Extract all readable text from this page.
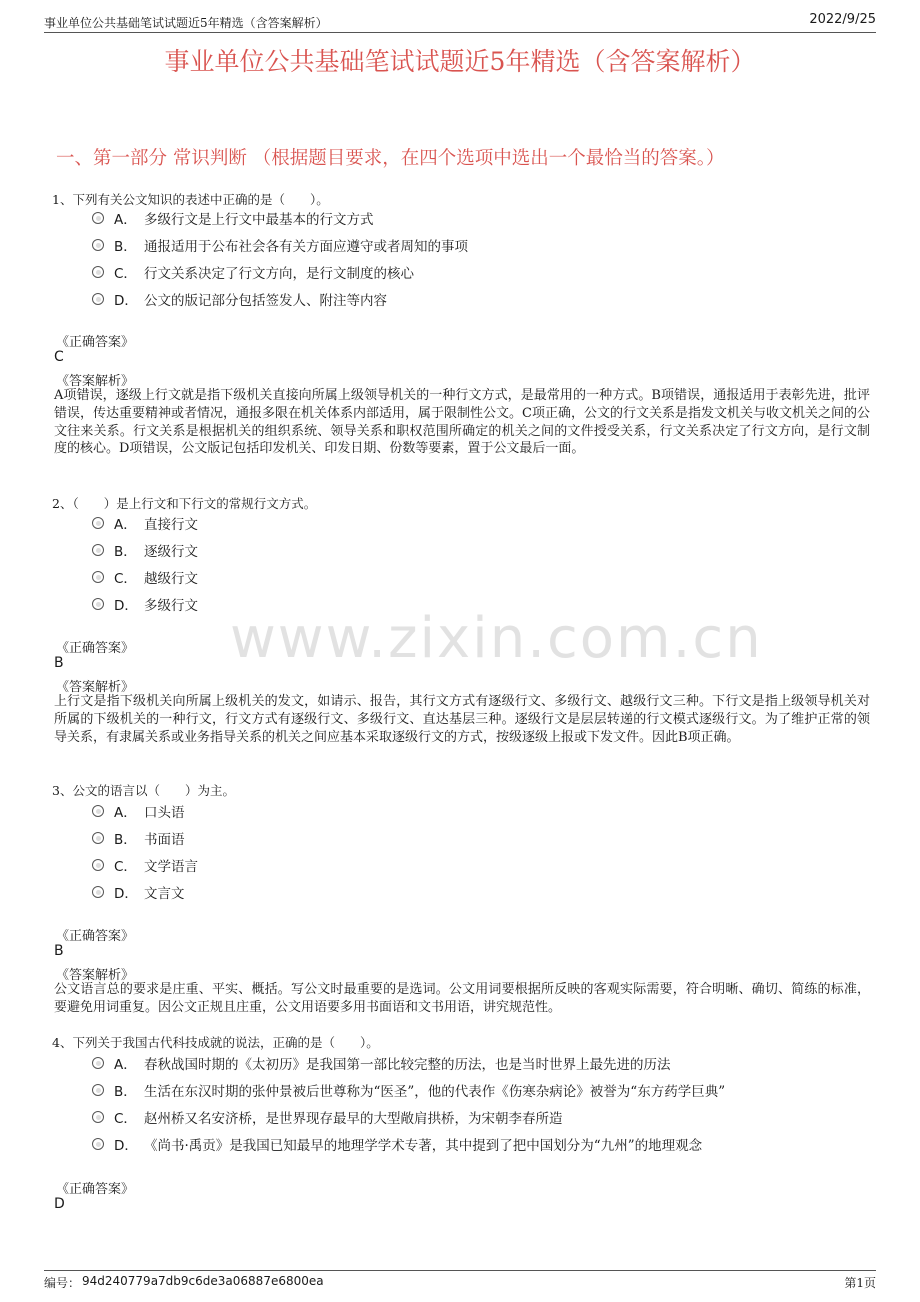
事业单位公共基础笔试试题近5年精选（含答案解析）	2022/9/25
事业单位公共基础笔试试题近5年精选（含答案解析）
一、第一部分 常识判断 （根据题目要求，在四个选项中选出一个最恰当的答案。）
www.zixin.com.cn
1、下列有关公文知识的表述中正确的是（　　）。
A． 多级行文是上行文中最基本的行文方式
B． 通报适用于公布社会各有关方面应遵守或者周知的事项
C． 行文关系决定了行文方向，是行文制度的核心
D． 公文的版记部分包括签发人、附注等内容
《正确答案》
C
《答案解析》
A项错误，逐级上行文就是指下级机关直接向所属上级领导机关的一种行文方式，是最常用的一种方式。B项错误，通报适用于表彰先进，批评错误，传达重要精神或者情况，通报多限在机关体系内部适用，属于限制性公文。C项正确，公文的行文关系是指发文机关与收文机关之间的公文往来关系。行文关系是根据机关的组织系统、领导关系和职权范围所确定的机关之间的文件授受关系，行文关系决定了行文方向，是行文制度的核心。D项错误，公文版记包括印发机关、印发日期、份数等要素，置于公文最后一面。
2、（　　）是上行文和下行文的常规行文方式。
A． 直接行文
B． 逐级行文
C． 越级行文
D． 多级行文
《正确答案》
B
《答案解析》
上行文是指下级机关向所属上级机关的发文，如请示、报告，其行文方式有逐级行文、多级行文、越级行文三种。下行文是指上级领导机关对所属的下级机关的一种行文，行文方式有逐级行文、多级行文、直达基层三种。逐级行文是层层转递的行文模式逐级行文。为了维护正常的领导关系，有隶属关系或业务指导关系的机关之间应基本采取逐级行文的方式，按级逐级上报或下发文件。因此B项正确。
3、公文的语言以（　　）为主。
A． 口头语
B． 书面语
C． 文学语言
D． 文言文
《正确答案》
B
《答案解析》
公文语言总的要求是庄重、平实、概括。写公文时最重要的是选词。公文用词要根据所反映的客观实际需要，符合明晰、确切、简练的标准，要避免用词重复。因公文正规且庄重，公文用语要多用书面语和文书用语，讲究规范性。
4、下列关于我国古代科技成就的说法，正确的是（　　）。
A． 春秋战国时期的《太初历》是我国第一部比较完整的历法，也是当时世界上最先进的历法
B． 生活在东汉时期的张仲景被后世尊称为“医圣”，他的代表作《伤寒杂病论》被誉为“东方药学巨典”
C． 赵州桥又名安济桥，是世界现存最早的大型敞肩拱桥，为宋朝李春所造
D． 《尚书·禹贡》是我国已知最早的地理学学术专著，其中提到了把中国划分为“九州”的地理观念
《正确答案》
D
编号： 94d240779a7db9c6de3a06887e6800ea	第1页
